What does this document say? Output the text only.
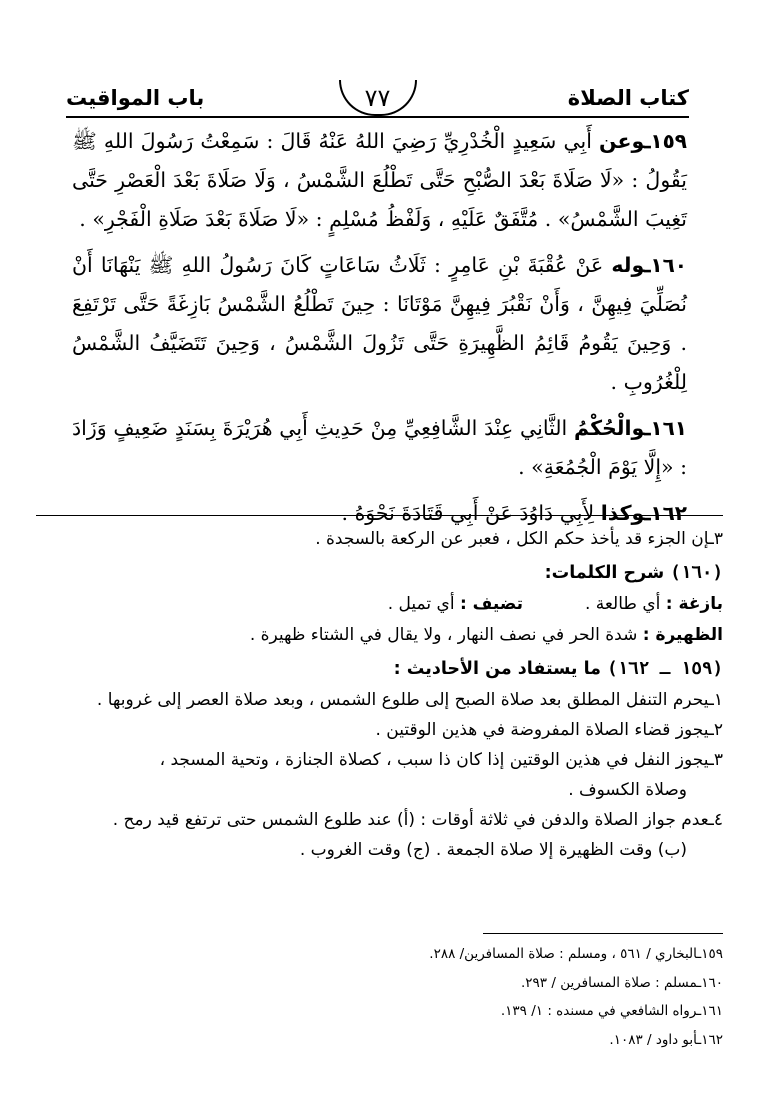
كتاب الصلاة
٧٧
باب المواقيت

١٥٩ـوعن أَبِي سَعِيدٍ الْخُدْرِيِّ رَضِيَ اللهُ عَنْهُ قَالَ : سَمِعْتُ رَسُولَ اللهِ ﷺ يَقُولُ : «لَا صَلَاةَ بَعْدَ الصُّبْحِ حَتَّى تَطْلُعَ الشَّمْسُ ، وَلَا صَلَاةَ بَعْدَ الْعَصْرِ حَتَّى تَغِيبَ الشَّمْسُ» . مُتَّفَقٌ عَلَيْهِ ، وَلَفْظُ مُسْلِمٍ : «لَا صَلَاةَ بَعْدَ صَلَاةِ الْفَجْرِ» .

١٦٠ـوله عَنْ عُقْبَةَ بْنِ عَامِرٍ : ثَلَاثُ سَاعَاتٍ كَانَ رَسُولُ اللهِ ﷺ يَنْهَانَا أَنْ نُصَلِّيَ فِيهِنَّ ، وَأَنْ نَقْبُرَ فِيهِنَّ مَوْتَانَا : حِينَ تَطْلُعُ الشَّمْسُ بَازِغَةً حَتَّى تَرْتَفِعَ . وَحِينَ يَقُومُ قَائِمُ الظَّهِيرَةِ حَتَّى تَزُولَ الشَّمْسُ ، وَحِينَ تَتَضَيَّفُ الشَّمْسُ لِلْغُرُوبِ .

١٦١ـوالْحُكْمُ الثَّانِي عِنْدَ الشَّافِعِيِّ مِنْ حَدِيثِ أَبِي هُرَيْرَةَ بِسَنَدٍ ضَعِيفٍ وَزَادَ : «إِلَّا يَوْمَ الْجُمُعَةِ» .

١٦٢ـوكذا لِأَبِي دَاوُدَ عَنْ أَبِي قَتَادَةَ نَحْوَهُ .

٣ـإن الجزء قد يأخذ حكم الكل ، فعبر عن الركعة بالسجدة .

(١٦٠) شرح الكلمات:
بازغة : أي طالعة .
تضيف : أي تميل .

الظهيرة : شدة الحر في نصف النهار ، ولا يقال في الشتاء ظهيرة .

(١٥٩ ـ ١٦٢) ما يستفاد من الأحاديث :

١ـيحرم التنفل المطلق بعد صلاة الصبح إلى طلوع الشمس ، وبعد صلاة العصر إلى غروبها .

٢ـيجوز قضاء الصلاة المفروضة في هذين الوقتين .

٣ـيجوز النفل في هذين الوقتين إذا كان ذا سبب ، كصلاة الجنازة ، وتحية المسجد ،

وصلاة الكسوف .

٤ـعدم جواز الصلاة والدفن في ثلاثة أوقات : (أ) عند طلوع الشمس حتى ترتفع قيد رمح .

(ب) وقت الظهيرة إلا صلاة الجمعة . (ج) وقت الغروب .

١٥٩ـالبخاري / ٥٦١ ، ومسلم : صلاة المسافرين/ ٢٨٨.
١٦٠ـمسلم : صلاة المسافرين / ٢٩٣.
١٦١ـرواه الشافعي في مسنده : ١/ ١٣٩.
١٦٢ـأبو داود / ١٠٨٣.
